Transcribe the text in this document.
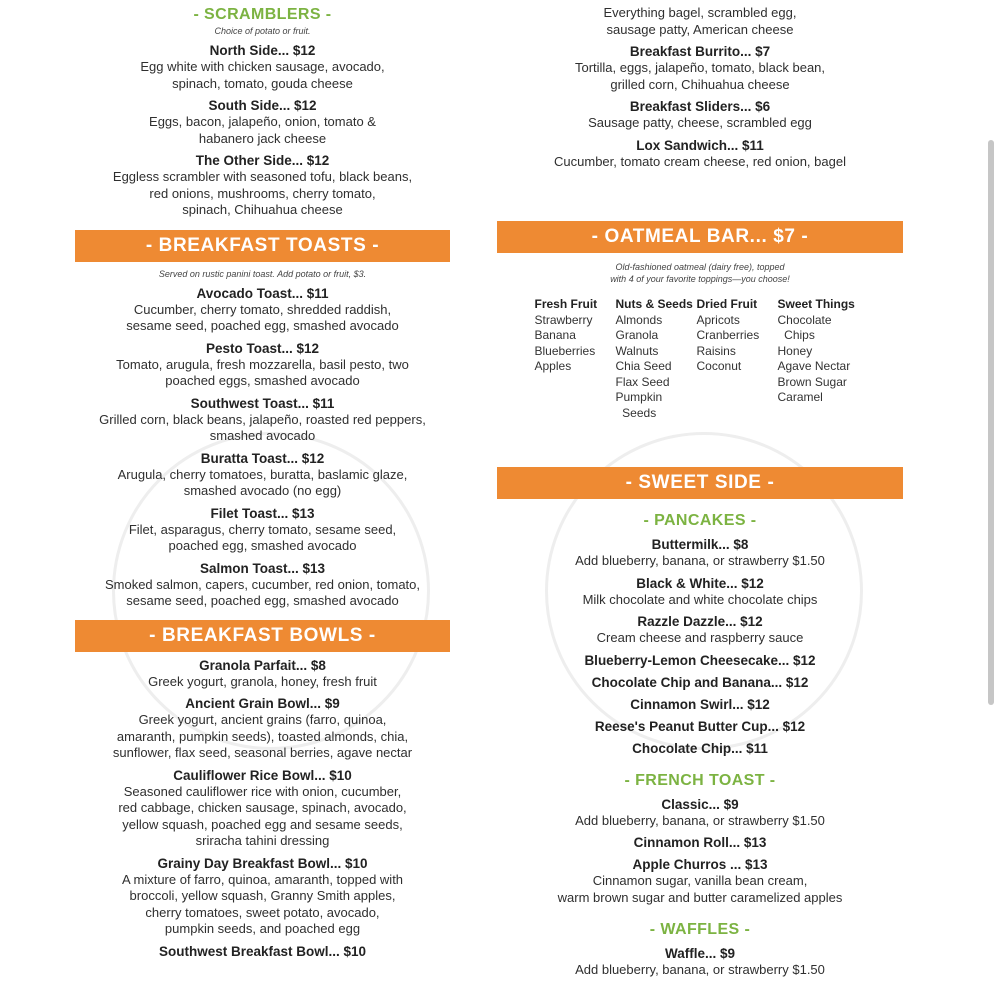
- SCRAMBLERS -
Choice of potato or fruit.
North Side... $12
Egg white with chicken sausage, avocado,
spinach, tomato, gouda cheese
South Side... $12
Eggs, bacon, jalapeño, onion, tomato &
habanero jack cheese
The Other Side... $12
Eggless scrambler with seasoned tofu, black beans,
red onions, mushrooms, cherry tomato,
spinach, Chihuahua cheese
- BREAKFAST TOASTS -
Served on rustic panini toast. Add potato or fruit, $3.
Avocado Toast... $11
Cucumber, cherry tomato, shredded raddish,
sesame seed, poached egg, smashed avocado
Pesto Toast... $12
Tomato, arugula, fresh mozzarella, basil pesto, two
poached eggs, smashed avocado
Southwest Toast... $11
Grilled corn, black beans, jalapeño, roasted red peppers,
smashed avocado
Buratta Toast... $12
Arugula, cherry tomatoes, buratta, baslamic glaze,
smashed avocado (no egg)
Filet Toast... $13
Filet, asparagus, cherry tomato, sesame seed,
poached egg, smashed avocado
Salmon Toast... $13
Smoked salmon, capers, cucumber, red onion, tomato,
sesame seed, poached egg, smashed avocado
- BREAKFAST BOWLS -
Granola Parfait... $8
Greek yogurt, granola, honey, fresh fruit
Ancient Grain Bowl... $9
Greek yogurt, ancient grains (farro, quinoa,
amaranth, pumpkin seeds), toasted almonds, chia,
sunflower, flax seed, seasonal berries, agave nectar
Cauliflower Rice Bowl... $10
Seasoned cauliflower rice with onion, cucumber,
red cabbage, chicken sausage, spinach, avocado,
yellow squash, poached egg and sesame seeds,
sriracha tahini dressing
Grainy Day Breakfast Bowl... $10
A mixture of farro, quinoa, amaranth, topped with
broccoli, yellow squash, Granny Smith apples,
cherry tomatoes, sweet potato, avocado,
pumpkin seeds, and poached egg
Southwest Breakfast Bowl... $10
Everything bagel, scrambled egg,
sausage patty, American cheese
Breakfast Burrito... $7
Tortilla, eggs, jalapeño, tomato, black bean,
grilled corn, Chihuahua cheese
Breakfast Sliders... $6
Sausage patty, cheese, scrambled egg
Lox Sandwich... $11
Cucumber, tomato cream cheese, red onion, bagel
- OATMEAL BAR... $7 -
Old-fashioned oatmeal (dairy free), topped
with 4 of your favorite toppings—you choose!
Fresh Fruit
Strawberry
Banana
Blueberries
Apples
Nuts & Seeds
Almonds
Granola
Walnuts
Chia Seed
Flax Seed
Pumpkin
Seeds
Dried Fruit
Apricots
Cranberries
Raisins
Coconut
Sweet Things
Chocolate
Chips
Honey
Agave Nectar
Brown Sugar
Caramel
- SWEET SIDE -
- PANCAKES -
Buttermilk... $8
Add blueberry, banana, or strawberry $1.50
Black & White... $12
Milk chocolate and white chocolate chips
Razzle Dazzle... $12
Cream cheese and raspberry sauce
Blueberry-Lemon Cheesecake... $12
Chocolate Chip and Banana... $12
Cinnamon Swirl... $12
Reese's Peanut Butter Cup... $12
Chocolate Chip... $11
- FRENCH TOAST -
Classic... $9
Add blueberry, banana, or strawberry $1.50
Cinnamon Roll... $13
Apple Churros ... $13
Cinnamon sugar, vanilla bean cream,
warm brown sugar and butter caramelized apples
- WAFFLES -
Waffle... $9
Add blueberry, banana, or strawberry $1.50
